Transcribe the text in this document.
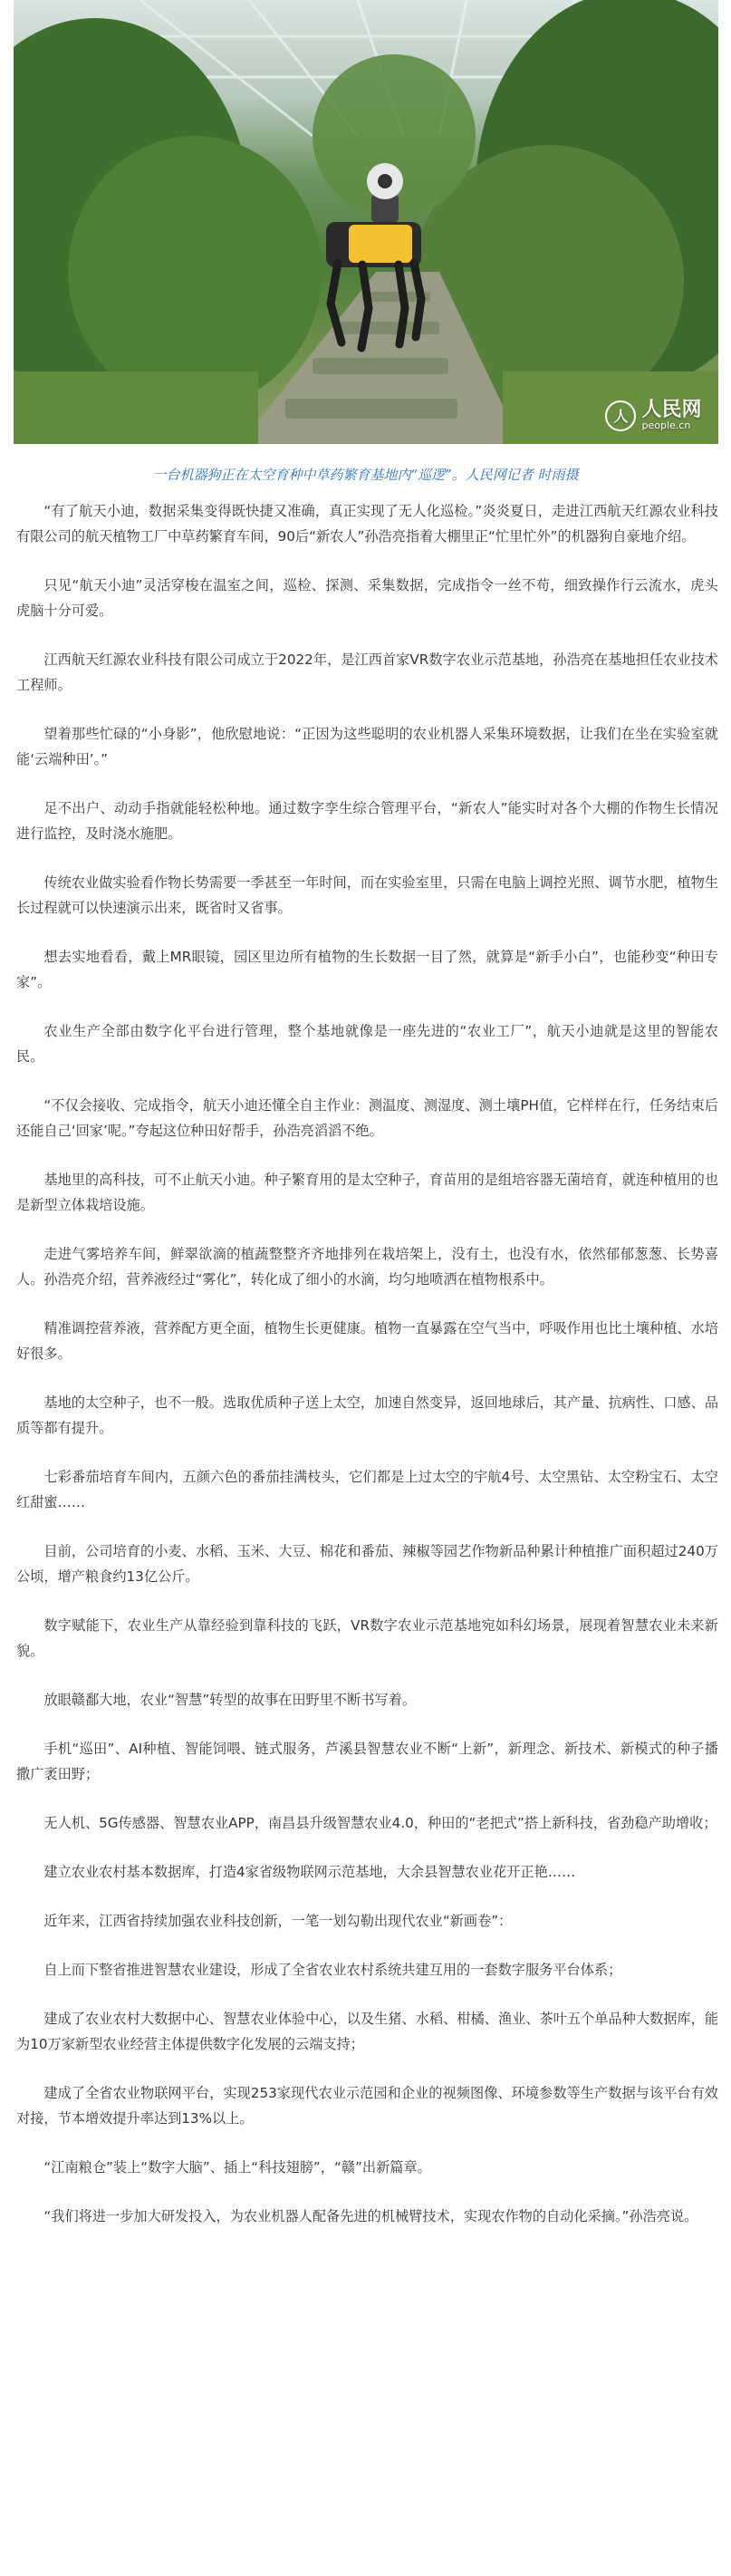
人 人民网
people.cn
一台机器狗正在太空育种中草药繁育基地内“巡逻”。人民网记者 时雨摄

“有了航天小迪，数据采集变得既快捷又准确，真正实现了无人化巡检。”炎炎夏日，走进江西航天红源农业科技有限公司的航天植物工厂中草药繁育车间，90后“新农人”孙浩亮指着大棚里正“忙里忙外”的机器狗自豪地介绍。

只见“航天小迪”灵活穿梭在温室之间，巡检、探测、采集数据，完成指令一丝不苟，细致操作行云流水，虎头虎脑十分可爱。

江西航天红源农业科技有限公司成立于2022年，是江西首家VR数字农业示范基地，孙浩亮在基地担任农业技术工程师。

望着那些忙碌的“小身影”，他欣慰地说：“正因为这些聪明的农业机器人采集环境数据，让我们在坐在实验室就能‘云端种田’。”

足不出户、动动手指就能轻松种地。通过数字孪生综合管理平台，“新农人”能实时对各个大棚的作物生长情况进行监控，及时浇水施肥。

传统农业做实验看作物长势需要一季甚至一年时间，而在实验室里，只需在电脑上调控光照、调节水肥，植物生长过程就可以快速演示出来，既省时又省事。

想去实地看看，戴上MR眼镜，园区里边所有植物的生长数据一目了然，就算是“新手小白”，也能秒变“种田专家”。

农业生产全部由数字化平台进行管理，整个基地就像是一座先进的“农业工厂”，航天小迪就是这里的智能农民。

“不仅会接收、完成指令，航天小迪还懂全自主作业：测温度、测湿度、测土壤PH值，它样样在行，任务结束后还能自己‘回家’呢。”夸起这位种田好帮手，孙浩亮滔滔不绝。

基地里的高科技，可不止航天小迪。种子繁育用的是太空种子，育苗用的是组培容器无菌培育，就连种植用的也是新型立体栽培设施。

走进气雾培养车间，鲜翠欲滴的植蔬整整齐齐地排列在栽培架上，没有土，也没有水，依然郁郁葱葱、长势喜人。孙浩亮介绍，营养液经过“雾化”，转化成了细小的水滴，均匀地喷洒在植物根系中。

精准调控营养液，营养配方更全面，植物生长更健康。植物一直暴露在空气当中，呼吸作用也比土壤种植、水培好很多。

基地的太空种子，也不一般。选取优质种子送上太空，加速自然变异，返回地球后，其产量、抗病性、口感、品质等都有提升。

七彩番茄培育车间内，五颜六色的番茄挂满枝头，它们都是上过太空的宇航4号、太空黑钻、太空粉宝石、太空红甜蜜……

目前，公司培育的小麦、水稻、玉米、大豆、棉花和番茄、辣椒等园艺作物新品种累计种植推广面积超过240万公顷，增产粮食约13亿公斤。

数字赋能下，农业生产从靠经验到靠科技的飞跃，VR数字农业示范基地宛如科幻场景，展现着智慧农业未来新貌。

放眼赣鄱大地，农业“智慧”转型的故事在田野里不断书写着。

手机“巡田”、AI种植、智能饲喂、链式服务，芦溪县智慧农业不断“上新”，新理念、新技术、新模式的种子播撒广袤田野；

无人机、5G传感器、智慧农业APP，南昌县升级智慧农业4.0，种田的“老把式”搭上新科技，省劲稳产助增收；

建立农业农村基本数据库，打造4家省级物联网示范基地，大余县智慧农业花开正艳……

近年来，江西省持续加强农业科技创新，一笔一划勾勒出现代农业“新画卷”：

自上而下整省推进智慧农业建设，形成了全省农业农村系统共建互用的一套数字服务平台体系；

建成了农业农村大数据中心、智慧农业体验中心，以及生猪、水稻、柑橘、渔业、茶叶五个单品种大数据库，能为10万家新型农业经营主体提供数字化发展的云端支持；

建成了全省农业物联网平台，实现253家现代农业示范园和企业的视频图像、环境参数等生产数据与该平台有效对接，节本增效提升率达到13%以上。

“江南粮仓”装上“数字大脑”、插上“科技翅膀”，“赣”出新篇章。

“我们将进一步加大研发投入，为农业机器人配备先进的机械臂技术，实现农作物的自动化采摘。”孙浩亮说。
